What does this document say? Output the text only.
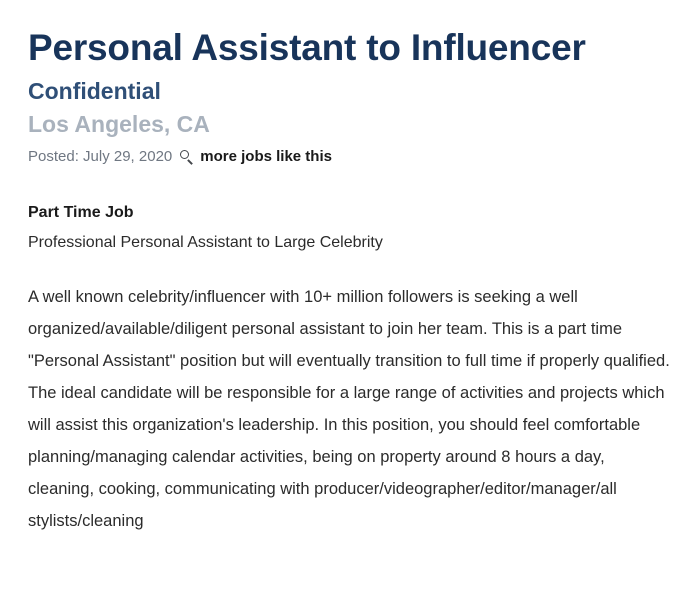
Personal Assistant to Influencer
Confidential
Los Angeles, CA
Posted: July 29, 2020 more jobs like this
Part Time Job
Professional Personal Assistant to Large Celebrity

A well known celebrity/influencer with 10+ million followers is seeking a well organized/available/diligent personal assistant to join her team. This is a part time "Personal Assistant" position but will eventually transition to full time if properly qualified. The ideal candidate will be responsible for a large range of activities and projects which will assist this organization's leadership. In this position, you should feel comfortable planning/managing calendar activities, being on property around 8 hours a day, cleaning, cooking, communicating with producer/videographer/editor/manager/all stylists/cleaning
